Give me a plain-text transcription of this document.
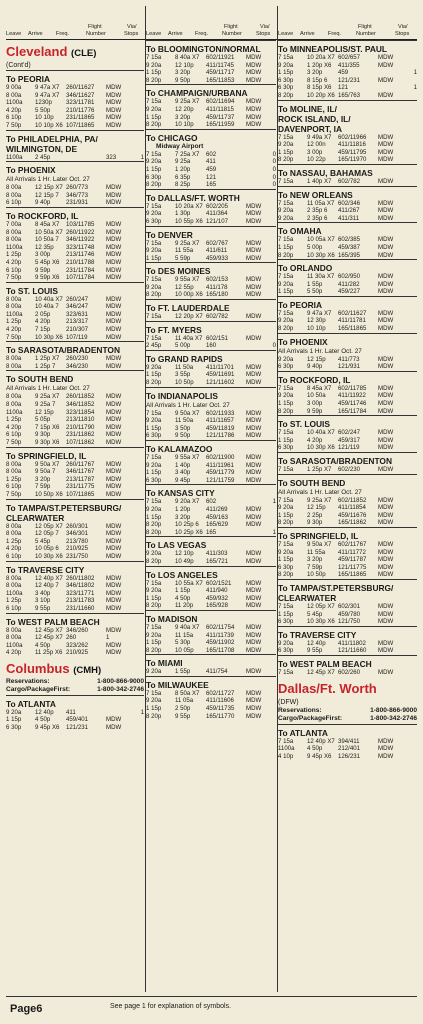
Flight	Via/
Leave Arrive Freq.	Number	Stops
Flight	Via/
Leave Arrive Freq. Number	Stops
Flight	Via/
Leave Arrive Freq.	Number	Stops
Cleveland (CLE)
(Cont'd)
To PEORIA
9 00a	9 47a X7	260/11627	MDW
8 00a	9 47a X7	346/11627	MDW
1100a	1230p	323/11781	MDW
4 20p	5 50p	210/11776	MDW
6 10p	10 10p	231/11865	MDW
7 50p	10 10p X6 107/11865	MDW
To PHILADELPHIA, PA/
WILMINGTON, DE
1100a	2 45p	323	1
To PHOENIX
All Arrivals 1 Hr. Later Oct. 27
8 00a	12 15p X7 260/773	MDW
8 00a	12 15p 7	346/773	MDW
6 10p	9 40p	231/931	MDW
To ROCKFORD, IL
7 00a	8 45a X7	103/11785	MDW
8 00a	10 50a X7 260/11922	MDW
8 00a	10 50a 7	346/11922	MDW
1100a	12 35p	323/11748	MDW
1 25p	3 00p	213/11746	MDW
4 20p	5 45p X6	210/11788	MDW
6 10p	9 59p	231/11784	MDW
7 50p	9 59p X6	107/11784	MDW
To ST. LOUIS
8 00a	10 40a X7 260/247	MDW
8 00a	10 40a 7	346/247	MDW
1100a	2 05p	323/631	MDW
1 25p	4 20p	213/317	MDW
4 20p	7 15p	210/307	MDW
7 50p	10 30p X6 107/119	MDW
To SARASOTA/BRADENTON
8 00a	1 25p X7	260/230	MDW
8 00a	1 25p 7	346/230	MDW
To SOUTH BEND
All Arrivals 1 Hr. Later Oct. 27
8 00a	9 25a X7	260/11852	MDW
8 00a	9 25a 7	346/11852	MDW
1100a	12 15p	323/11854	MDW
1 25p	5 05p	213/11810	MDW
4 20p	7 15p X6	210/11790	MDW
6 10p	9 30p	231/11862	MDW
7 50p	9 30p X6	107/11862	MDW
To SPRINGFIELD, IL
8 00a	9 50a X7	260/11767	MDW
8 00a	9 50a 7	346/11767	MDW
1 25p	3 20p	213/11787	MDW
6 10p	7 59p	231/11775	MDW
7 50p	10 50p X6 107/11865	MDW
To TAMPA/ST.PETERSBURG/
CLEARWATER
8 00a	12 05p X7 260/301	MDW
8 00a	12 05p 7	346/301	MDW
1 25p	5 45p	213/780	MDW
4 20p	10 05p 6	210/925	MDW
6 10p	10 30p X6 231/750	MDW
To TRAVERSE CITY
8 00a	12 40p X7 260/11802	MDW
8 00a	12 40p 7	346/11802	MDW
1100a	3 40p	323/11771	MDW
1 25p	3 10p	213/11783	MDW
6 10p	9 55p	231/11660	MDW
To WEST PALM BEACH
8 00a	12 45p X7 346/260	MDW
8 00a	12 45p X7 260	1
1100a	4 50p	323/262	MDW
4 20p	11 25p X6 210/925	MDW
Columbus (CMH)
Reservations:	1-800-866-9000
Cargo/PackageFirst:	1-800-342-2746
To ATLANTA
9 20a	12 40p	411	1
1 15p	4 50p	459/401	MDW
6 30p	9 45p X6	121/231	MDW
To BLOOMINGTON/NORMAL
7 15a	8 40a X7	602/11921	MDW
9 20a	12 10p	411/11745	MDW
1 15p	3 20p	459/11717	MDW
8 20p	9 50p	165/11853	MDW
To CHAMPAIGN/URBANA
7 15a	9 25a X7	602/11694	MDW
9 20a	12 20p	411/11815	MDW
1 15p	3 20p	459/11737	MDW
8 20p	10 10p	165/11959	MDW
To CHICAGO
Midway Airport
7 15a	7 25a X7	602	0
9 20a	9 25a	411	0
1 15p	1 20p	459	0
6 30p	6 35p	121	0
8 20p	8 25p	165	0
To DALLAS/FT. WORTH
7 15a	10 20a X7 602/205	MDW
9 20a	1 30p	411/364	MDW
6 30p	10 55p X6 121/107	MDW
To DENVER
7 15a	9 25a X7	602/767	MDW
9 20a	11 55a	411/611	MDW
1 15p	5 59p	459/933	MDW
To DES MOINES
7 15a	9 55a X7	602/153	MDW
9 20a	12 55p	411/178	MDW
8 20p	10 00p X6 165/180	MDW
To FT. LAUDERDALE
7 15a	12 20p X7 602/782	MDW
To FT. MYERS
7 15a	11 40a X7 602/151	MDW
2 45p	5 00p	160	0
To GRAND RAPIDS
9 20a	11 50a	411/11701	MDW
1 15p	3 55p	459/11691	MDW
8 20p	10 50p	121/11602	MDW
To INDIANAPOLIS
All Arrivals 1 Hr. Later Oct. 27
7 15a	9 50a X7	602/11933	MDW
9 20a	11 50a	411/11657	MDW
1 15p	3 50p	459/11819	MDW
6 30p	9 50p	121/11786	MDW
To KALAMAZOO
7 15a	9 55a X7	602/11900	MDW
9 20a	1 40p	411/11961	MDW
1 15p	3 40p	459/11779	MDW
6 30p	9 45p	121/11759	MDW
To KANSAS CITY
7 15a	9 20a X7	602	1
9 20a	1 20p	411/269	MDW
1 15p	3 20p	459/163	MDW
8 20p	10 25p 6	165/629	MDW
8 20p	10 25p X6 165	1
To LAS VEGAS
9 20a	12 10p	411/303	MDW
8 20p	10 49p	165/721	MDW
To LOS ANGELES
7 15a	10 55a X7 602/1521	MDW
9 20a	1 15p	411/940	MDW
1 15p	4 50p	459/932	MDW
8 20p	11 20p	165/928	MDW
To MADISON
7 15a	9 40a X7	602/11754	MDW
9 20a	11 15a	411/11739	MDW
1 15p	5 30p	459/11902	MDW
8 20p	10 05p	165/11708	MDW
To MIAMI
9 20a	1 55p	411/754	MDW
To MILWAUKEE
7 15a	8 50a X7	602/11727	MDW
9 20a	11 05a	411/11606	MDW
1 15p	2 50p	459/11735	MDW
8 20p	9 55p	165/11770	MDW
To MINNEAPOLIS/ST. PAUL
7 15a	10 20a X7 602/657	MDW
9 20a	1 20p X6	411/355	MDW
1 15p	3 20p	459	1
6 30p	8 15p 6	121/231	MDW
6 30p	8 15p X6	121	1
8 20p	10 20p X6 165/763	MDW
To MOLINE, IL/
ROCK ISLAND, IL/
DAVENPORT, IA
7 15a	9 49a X7	602/11966	MDW
9 20a	12 00n	411/11816	MDW
1 15p	3 00p	459/11795	MDW
8 20p	10 22p	165/11970	MDW
To NASSAU, BAHAMAS
7 15a	1 40p X7	602/782	MDW
To NEW ORLEANS
7 15a	11 05a X7 602/346	MDW
9 20a	2 35p 6	411/267	MDW
9 20a	2 35p 6	411/311	MDW
To OMAHA
7 15a	10 05a X7 602/385	MDW
1 15p	5 00p	459/387	MDW
8 20p	10 30p X6 165/395	MDW
To ORLANDO
7 15a	11 30a X7 602/950	MDW
9 20a	1 55p	411/282	MDW
1 15p	5 50p	459/227	MDW
To PEORIA
7 15a	9 47a X7	602/11627	MDW
9 20a	12 30p	411/11781	MDW
8 20p	10 10p	165/11865	MDW
To PHOENIX
All Arrivals 1 Hr. Later Oct. 27
9 20a	12 15p	411/773	MDW
6 30p	9 40p	121/931	MDW
To ROCKFORD, IL
7 15a	8 45a X7	602/11785	MDW
9 20a	10 50a	411/11922	MDW
1 15p	3 00p	459/11746	MDW
8 20p	9 59p	165/11784	MDW
To ST. LOUIS
7 15a	10 40a X7 602/247	MDW
1 15p	4 20p	459/317	MDW
6 30p	10 30p X6 121/119	MDW
To SARASOTA/BRADENTON
7 15a	1 25p X7	602/230	MDW
To SOUTH BEND
All Arrivals 1 Hr. Later Oct. 27
7 15a	9 25a X7	602/11852	MDW
9 20a	12 15p	411/11854	MDW
1 15p	2 25p	459/11676	MDW
8 20p	9 30p	165/11862	MDW
To SPRINGFIELD, IL
7 15a	9 50a X7	602/11767	MDW
9 20a	11 55a	411/11772	MDW
1 15p	3 20p	459/11787	MDW
6 30p	7 59p	121/11775	MDW
8 20p	10 50p	165/11865	MDW
To TAMPA/ST.PETERSBURG/
CLEARWATER
7 15a	12 05p X7 602/301	MDW
1 15p	5 45p	459/780	MDW
6 30p	10 30p X6 121/750	MDW
To TRAVERSE CITY
9 20a	12 40p	411/11802	MDW
6 30p	9 55p	121/11660	MDW
To WEST PALM BEACH
7 15a	12 45p X7 602/260	MDW
Dallas/Ft. Worth
(DFW)
Reservations:	1-800-866-9000
Cargo/PackageFirst:	1-800-342-2746
To ATLANTA
7 15a	12 40p X7 394/411	MDW
1100a	4 50p	212/401	MDW
4 10p	9 45p X6	126/231	MDW
Page6	See page 1 for explanation of symbols.
